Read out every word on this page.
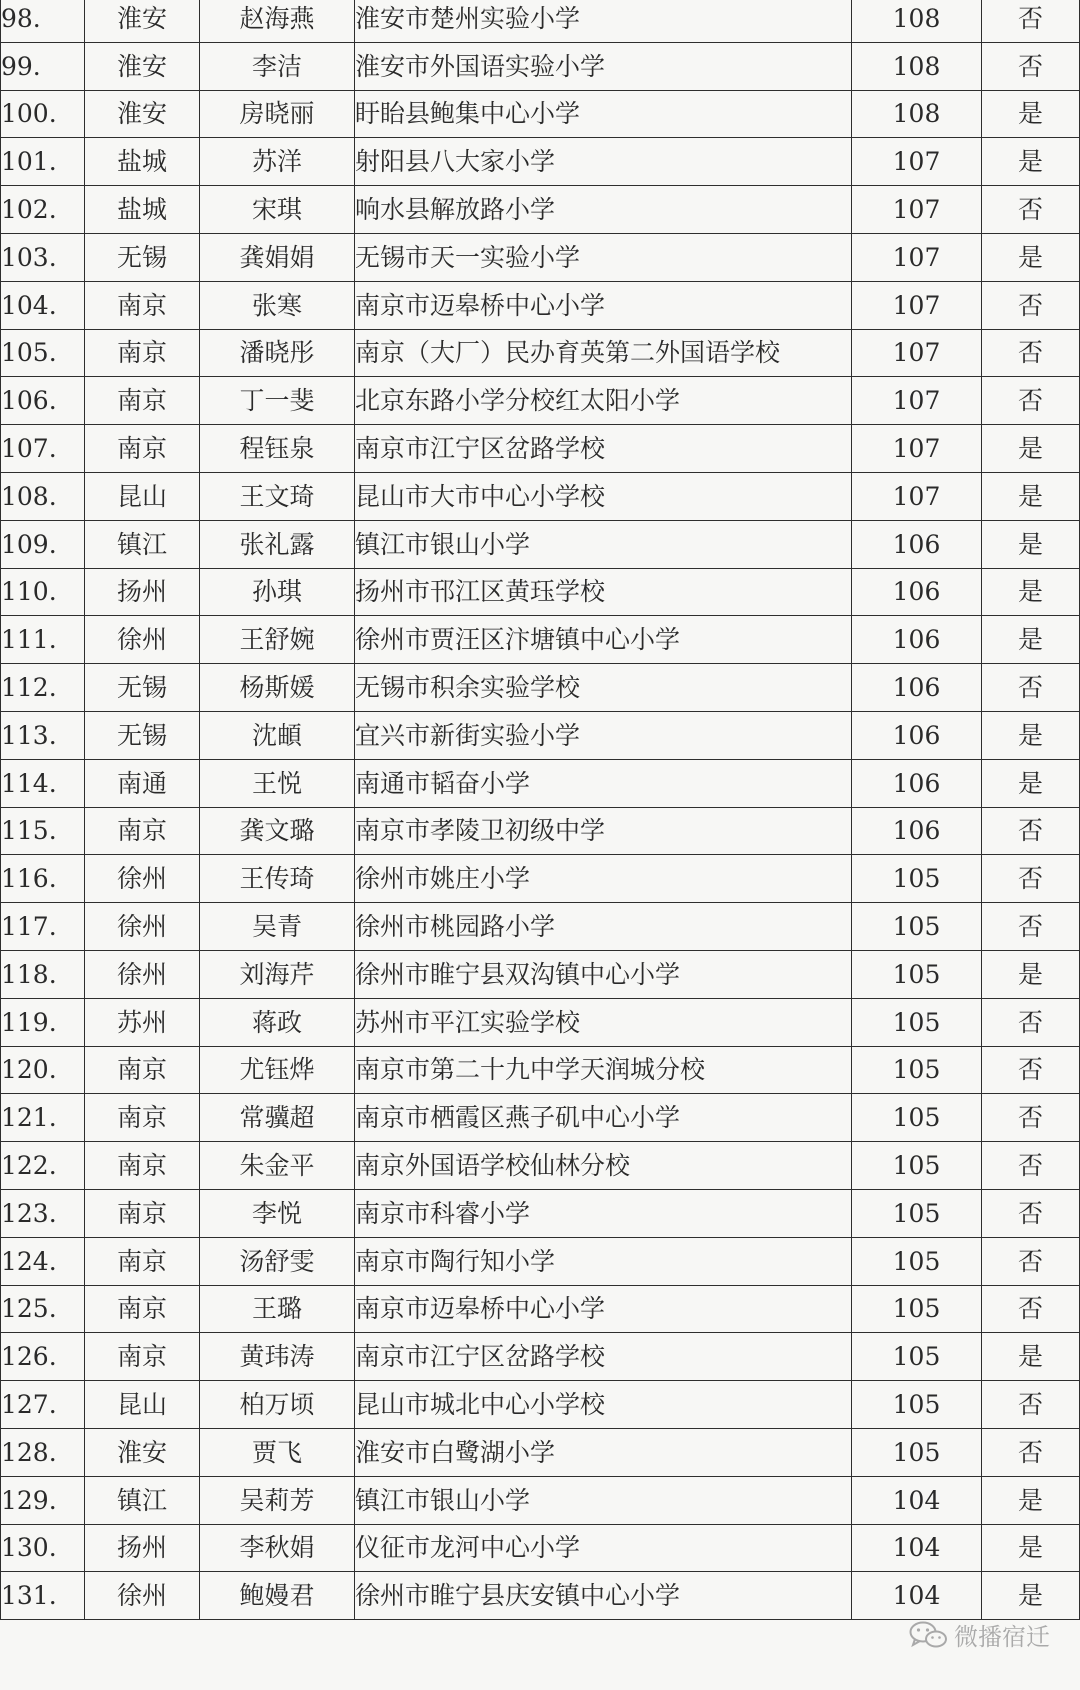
98.	淮安	赵海燕	淮安市楚州实验小学	108	否
99.	淮安	李洁	淮安市外国语实验小学	108	否
100.	淮安	房晓丽	盱眙县鲍集中心小学	108	是
101.	盐城	苏洋	射阳县八大家小学	107	是
102.	盐城	宋琪	响水县解放路小学	107	否
103.	无锡	龚娟娟	无锡市天一实验小学	107	是
104.	南京	张寒	南京市迈皋桥中心小学	107	否
105.	南京	潘晓彤	南京（大厂）民办育英第二外国语学校	107	否
106.	南京	丁一斐	北京东路小学分校红太阳小学	107	否
107.	南京	程钰泉	南京市江宁区岔路学校	107	是
108.	昆山	王文琦	昆山市大市中心小学校	107	是
109.	镇江	张礼露	镇江市银山小学	106	是
110.	扬州	孙琪	扬州市邗江区黄珏学校	106	是
111.	徐州	王舒婉	徐州市贾汪区汴塘镇中心小学	106	是
112.	无锡	杨斯媛	无锡市积余实验学校	106	否
113.	无锡	沈頔	宜兴市新街实验小学	106	是
114.	南通	王悦	南通市韬奋小学	106	是
115.	南京	龚文璐	南京市孝陵卫初级中学	106	否
116.	徐州	王传琦	徐州市姚庄小学	105	否
117.	徐州	吴青	徐州市桃园路小学	105	否
118.	徐州	刘海芹	徐州市睢宁县双沟镇中心小学	105	是
119.	苏州	蒋政	苏州市平江实验学校	105	否
120.	南京	尤钰烨	南京市第二十九中学天润城分校	105	否
121.	南京	常骥超	南京市栖霞区燕子矶中心小学	105	否
122.	南京	朱金平	南京外国语学校仙林分校	105	否
123.	南京	李悦	南京市科睿小学	105	否
124.	南京	汤舒雯	南京市陶行知小学	105	否
125.	南京	王璐	南京市迈皋桥中心小学	105	否
126.	南京	黄玮涛	南京市江宁区岔路学校	105	是
127.	昆山	柏万顷	昆山市城北中心小学校	105	否
128.	淮安	贾飞	淮安市白鹭湖小学	105	否
129.	镇江	吴莉芳	镇江市银山小学	104	是
130.	扬州	李秋娟	仪征市龙河中心小学	104	是
131.	徐州	鲍嫚君	徐州市睢宁县庆安镇中心小学	104	是
微播宿迁
